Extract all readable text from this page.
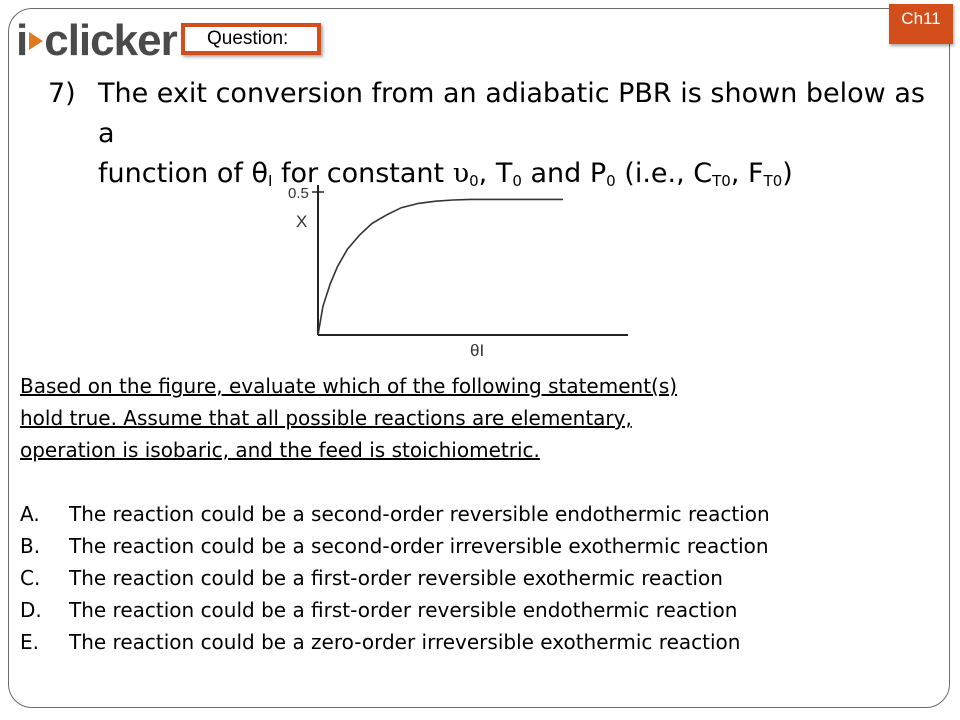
i clicker	Question:
Ch11
7) The exit conversion from an adiabatic PBR is shown below as a
function of $\theta_I$ for constant $\upsilon_0$, $T_0$ and $P_0$ (i.e., $C_{T0}$, $F_{T0}$)
0.5
X
θI
Based on the figure, evaluate which of the following statement(s)
hold true. Assume that all possible reactions are elementary,
operation is isobaric, and the feed is stoichiometric.
A. The reaction could be a second-order reversible endothermic reaction
B. The reaction could be a second-order irreversible exothermic reaction
C. The reaction could be a first-order reversible exothermic reaction
D. The reaction could be a first-order reversible endothermic reaction
E. The reaction could be a zero-order irreversible exothermic reaction
